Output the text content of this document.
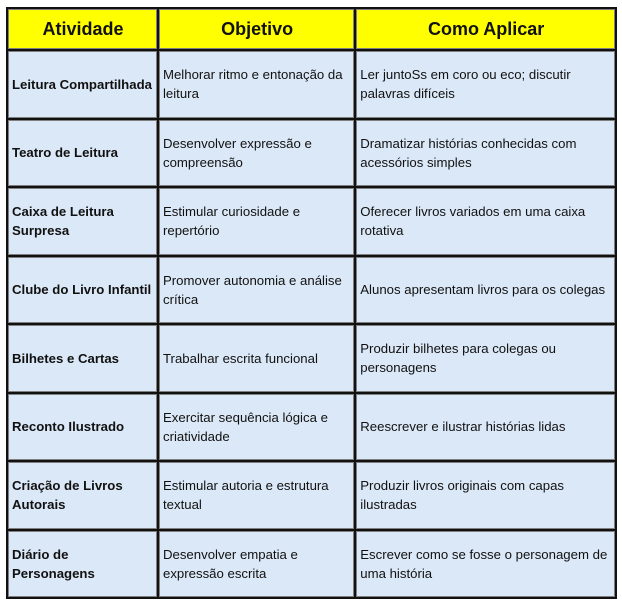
Atividade	Objetivo	Como Aplicar
Leitura Compartilhada	Melhorar ritmo e entonação da leitura	Ler juntoSs em coro ou eco; discutir palavras difíceis
Teatro de Leitura	Desenvolver expressão e compreensão	Dramatizar histórias conhecidas com acessórios simples
Caixa de Leitura Surpresa	Estimular curiosidade e repertório	Oferecer livros variados em uma caixa rotativa
Clube do Livro Infantil	Promover autonomia e análise crítica	Alunos apresentam livros para os colegas
Bilhetes e Cartas	Trabalhar escrita funcional	Produzir bilhetes para colegas ou personagens
Reconto Ilustrado	Exercitar sequência lógica e criatividade	Reescrever e ilustrar histórias lidas
Criação de Livros Autorais	Estimular autoria e estrutura textual	Produzir livros originais com capas ilustradas
Diário de Personagens	Desenvolver empatia e expressão escrita	Escrever como se fosse o personagem de uma história
